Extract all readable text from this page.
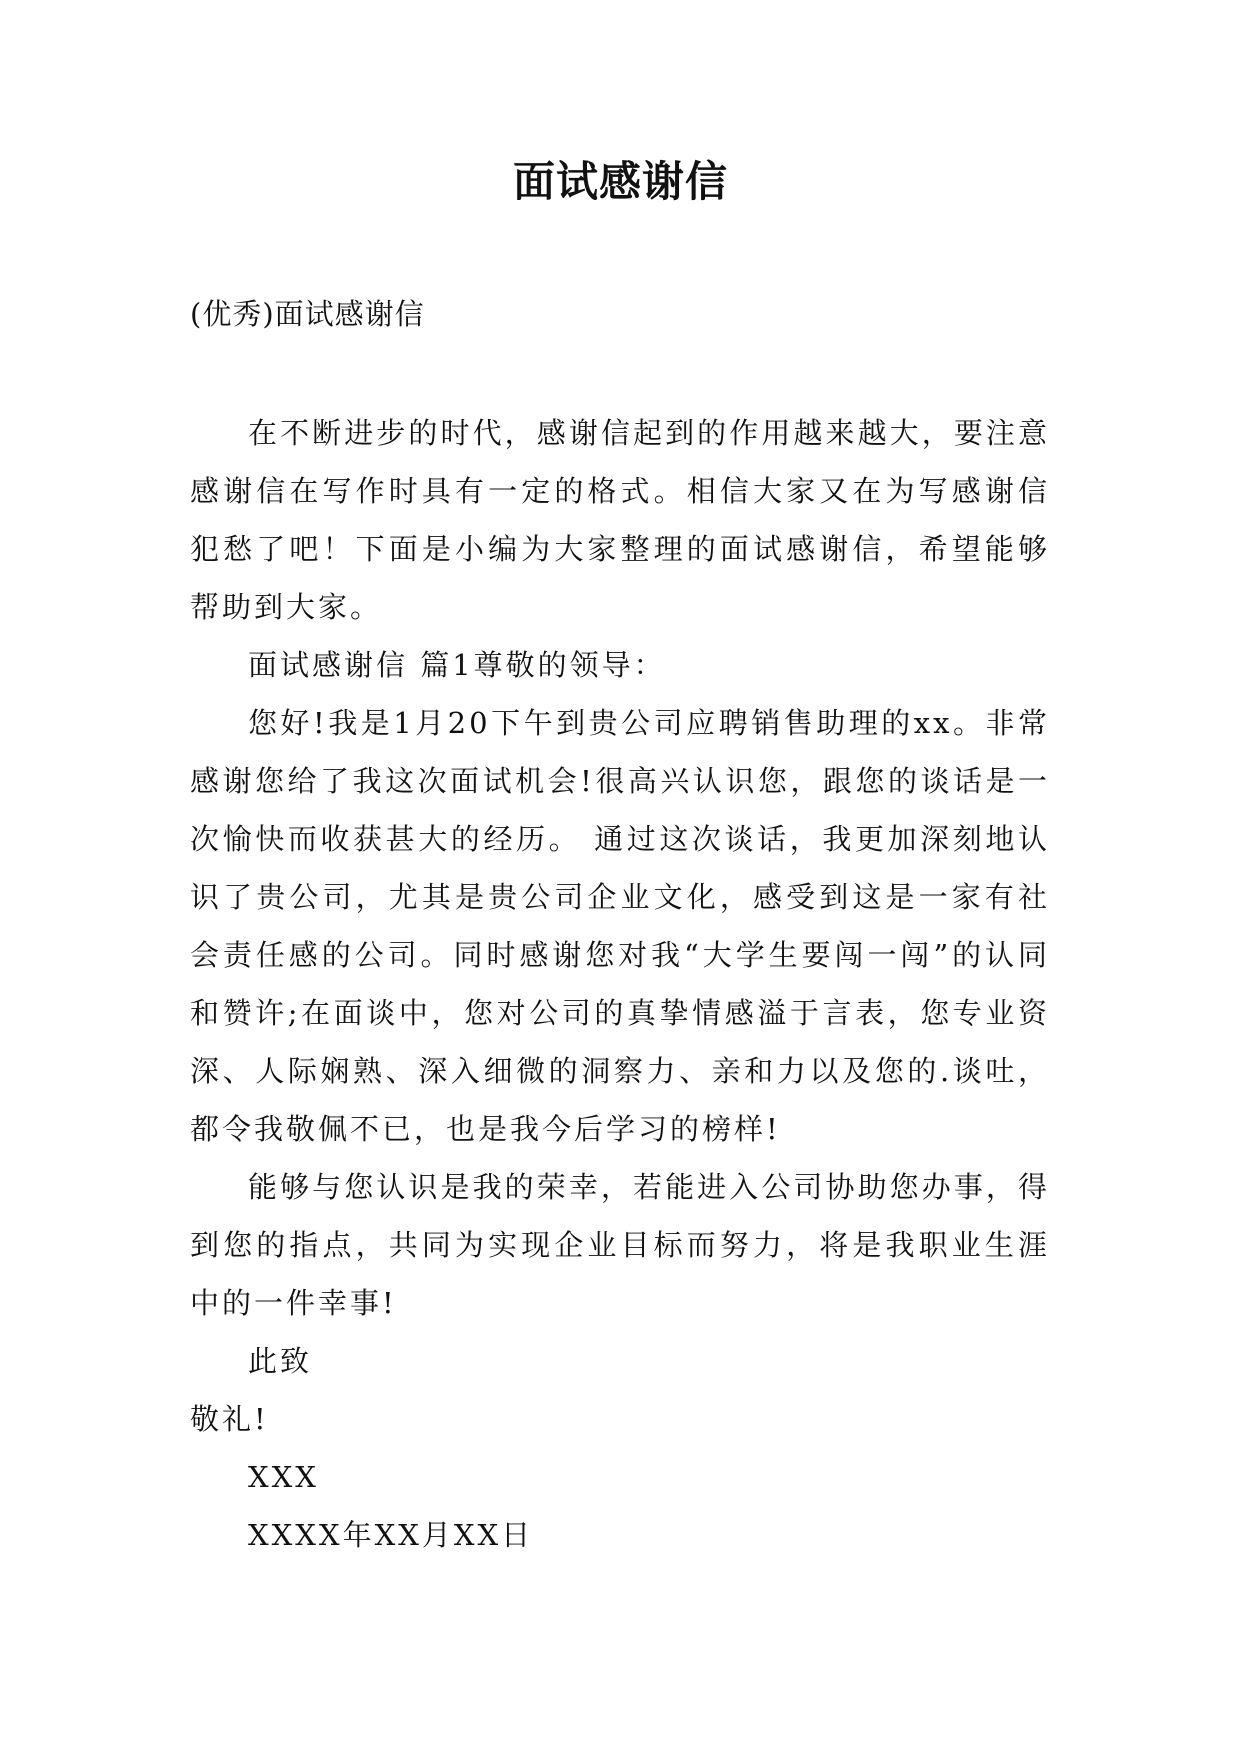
面试感谢信
(优秀)面试感谢信

在不断进步的时代，感谢信起到的作用越来越大，要注意感谢信在写作时具有一定的格式。相信大家又在为写感谢信犯愁了吧！下面是小编为大家整理的面试感谢信，希望能够帮助到大家。

面试感谢信 篇1尊敬的领导：

您好!我是1月20下午到贵公司应聘销售助理的xx。非常感谢您给了我这次面试机会!很高兴认识您，跟您的谈话是一次愉快而收获甚大的经历。 通过这次谈话，我更加深刻地认识了贵公司，尤其是贵公司企业文化，感受到这是一家有社会责任感的公司。同时感谢您对我“大学生要闯一闯”的认同和赞许;在面谈中，您对公司的真挚情感溢于言表，您专业资深、人际娴熟、深入细微的洞察力、亲和力以及您的.谈吐，都令我敬佩不已，也是我今后学习的榜样!

能够与您认识是我的荣幸，若能进入公司协助您办事，得到您的指点，共同为实现企业目标而努力，将是我职业生涯中的一件幸事!

此致

敬礼!

XXX

XXXX年XX月XX日
